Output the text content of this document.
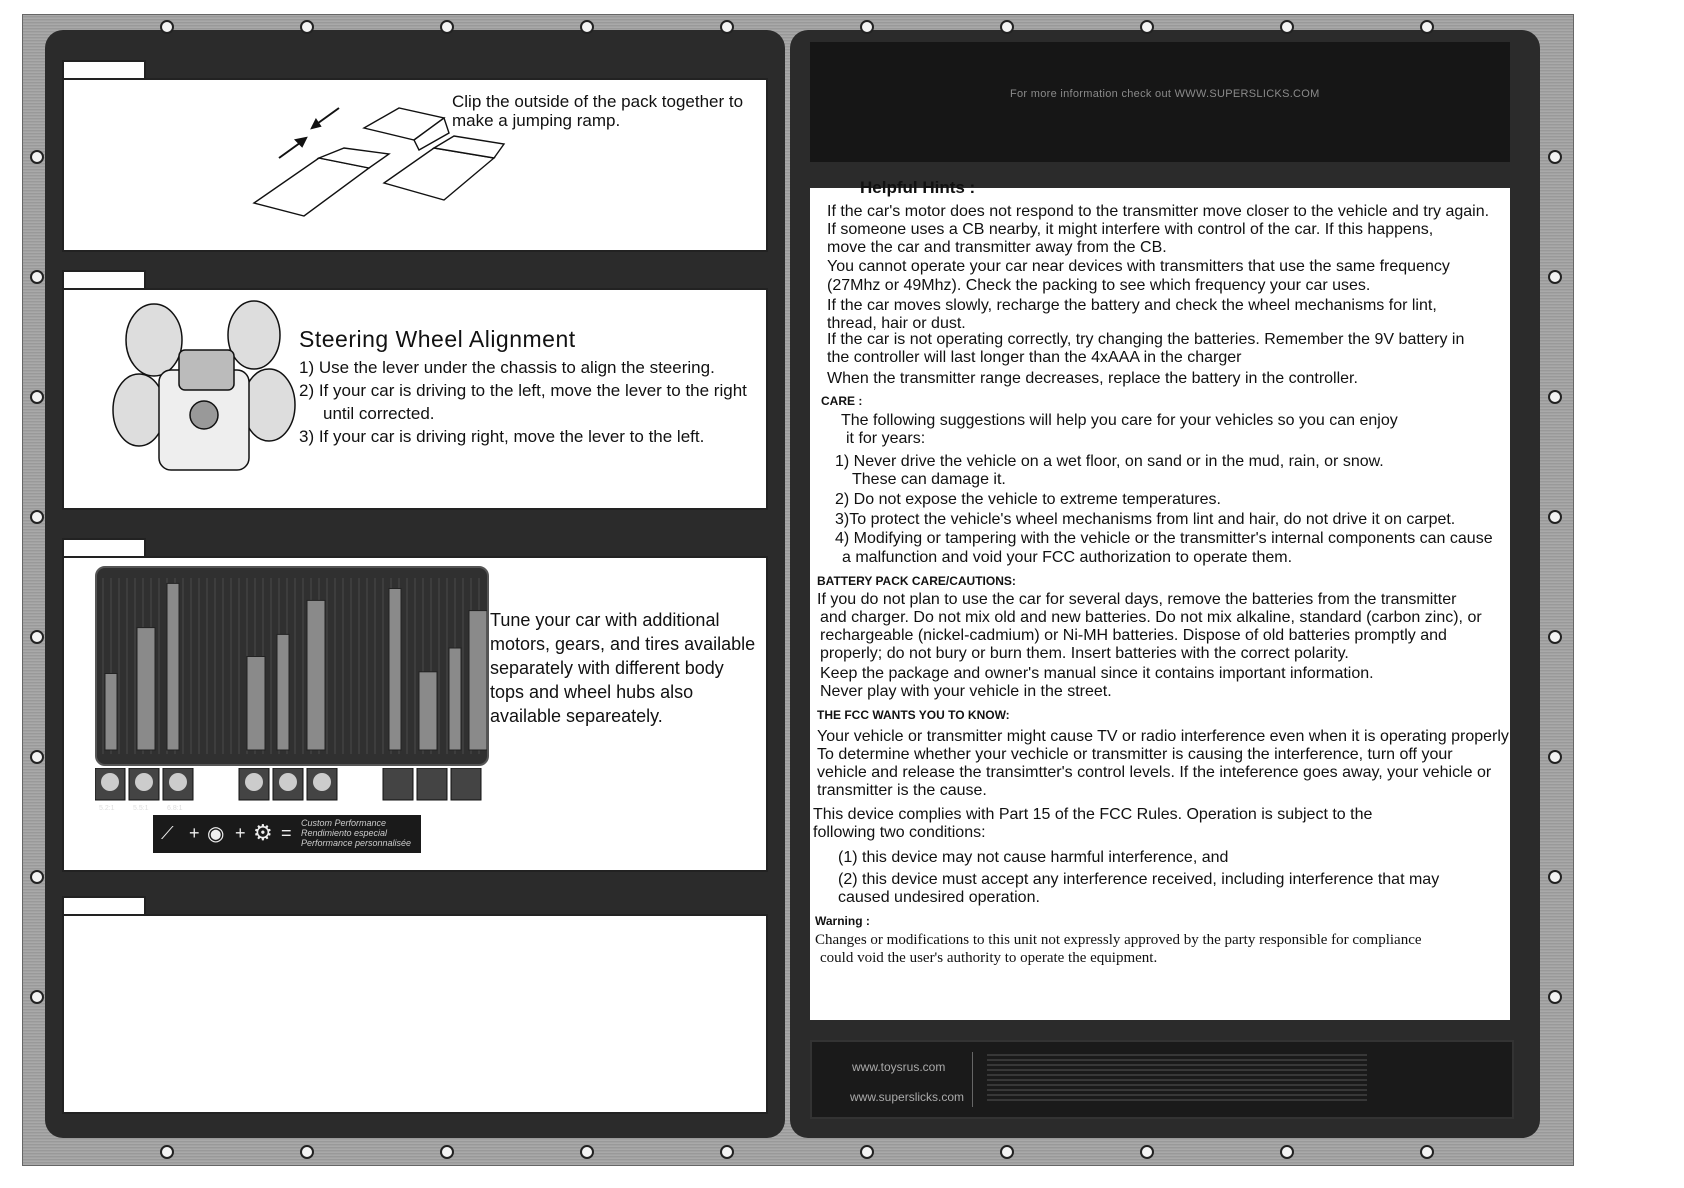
Clip the outside of the pack together to make a jumping ramp.
Steering Wheel Alignment
1) Use the lever under the chassis to align the steering.
2) If your car is driving to the left, move the lever to the right until corrected.
3) If your car is driving right, move the lever to the left.
Tune your car with additional motors, gears, and tires available separately with different body tops and wheel hubs also available separeately.
5.2:1	5.5:1	6.8:1
⟋ + ◉ + ⚙ = Custom Performance
Rendimiento especial
Performance personnalisée
For more information check out WWW.SUPERSLICKS.COM
Helpful Hints :
If the car's motor does not respond to the transmitter move closer to the vehicle and try again.
If someone uses a CB nearby, it might interfere with control of the car. If this happens,
move the car and transmitter away from the CB.
You cannot operate your car near devices with transmitters that use the same frequency
(27Mhz or 49Mhz). Check the packing to see which frequency your car uses.
If the car moves slowly, recharge the battery and check the wheel mechanisms for lint,
thread, hair or dust.
If the car is not operating correctly, try changing the batteries. Remember the 9V battery in
the controller will last longer than the 4xAAA in the charger
When the transmitter range decreases, replace the battery in the controller.
CARE :
The following suggestions will help you care for your vehicles so you can enjoy
it for years:
1) Never drive the vehicle on a wet floor, on sand or in the mud, rain, or snow.
These can damage it.
2) Do not expose the vehicle to extreme temperatures.
3)To protect the vehicle's wheel mechanisms from lint and hair, do not drive it on carpet.
4) Modifying or tampering with the vehicle or the transmitter's internal components can cause
a malfunction and void your FCC authorization to operate them.
BATTERY PACK CARE/CAUTIONS:
If you do not plan to use the car for several days, remove the batteries from the transmitter
and charger. Do not mix old and new batteries. Do not mix alkaline, standard (carbon zinc), or
rechargeable (nickel-cadmium) or Ni-MH batteries. Dispose of old batteries promptly and
properly; do not bury or burn them. Insert batteries with the correct polarity.
Keep the package and owner's manual since it contains important information.
Never play with your vehicle in the street.
THE FCC WANTS YOU TO KNOW:
Your vehicle or transmitter might cause TV or radio interference even when it is operating properly
To determine whether your vechicle or transmitter is causing the interference, turn off your
vehicle and release the transimtter's control levels. If the inteference goes away, your vehicle or
transmitter is the cause.
This device complies with Part 15 of the FCC Rules. Operation is subject to the
following two conditions:
(1) this device may not cause harmful interference, and
(2) this device must accept any interference received, including interference that may
caused undesired operation.
Warning :
Changes or modifications to this unit not expressly approved by the party responsible for compliance
could void the user's authority to operate the equipment.
www.toysrus.com
www.superslicks.com
